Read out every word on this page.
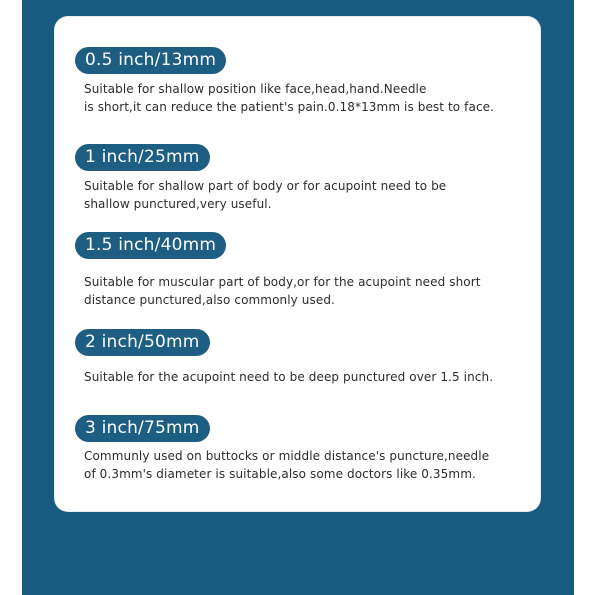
0.5 inch/13mm
Suitable for shallow position like face,head,hand.Needle
is short,it can reduce the patient's pain.0.18*13mm is best to face.
1 inch/25mm
Suitable for shallow part of body or for acupoint need to be
shallow punctured,very useful.
1.5 inch/40mm
Suitable for muscular part of body,or for the acupoint need short
distance punctured,also commonly used.
2 inch/50mm
Suitable for the acupoint need to be deep punctured over 1.5 inch.
3 inch/75mm
Communly used on buttocks or middle distance's puncture,needle
of 0.3mm's diameter is suitable,also some doctors like 0.35mm.
